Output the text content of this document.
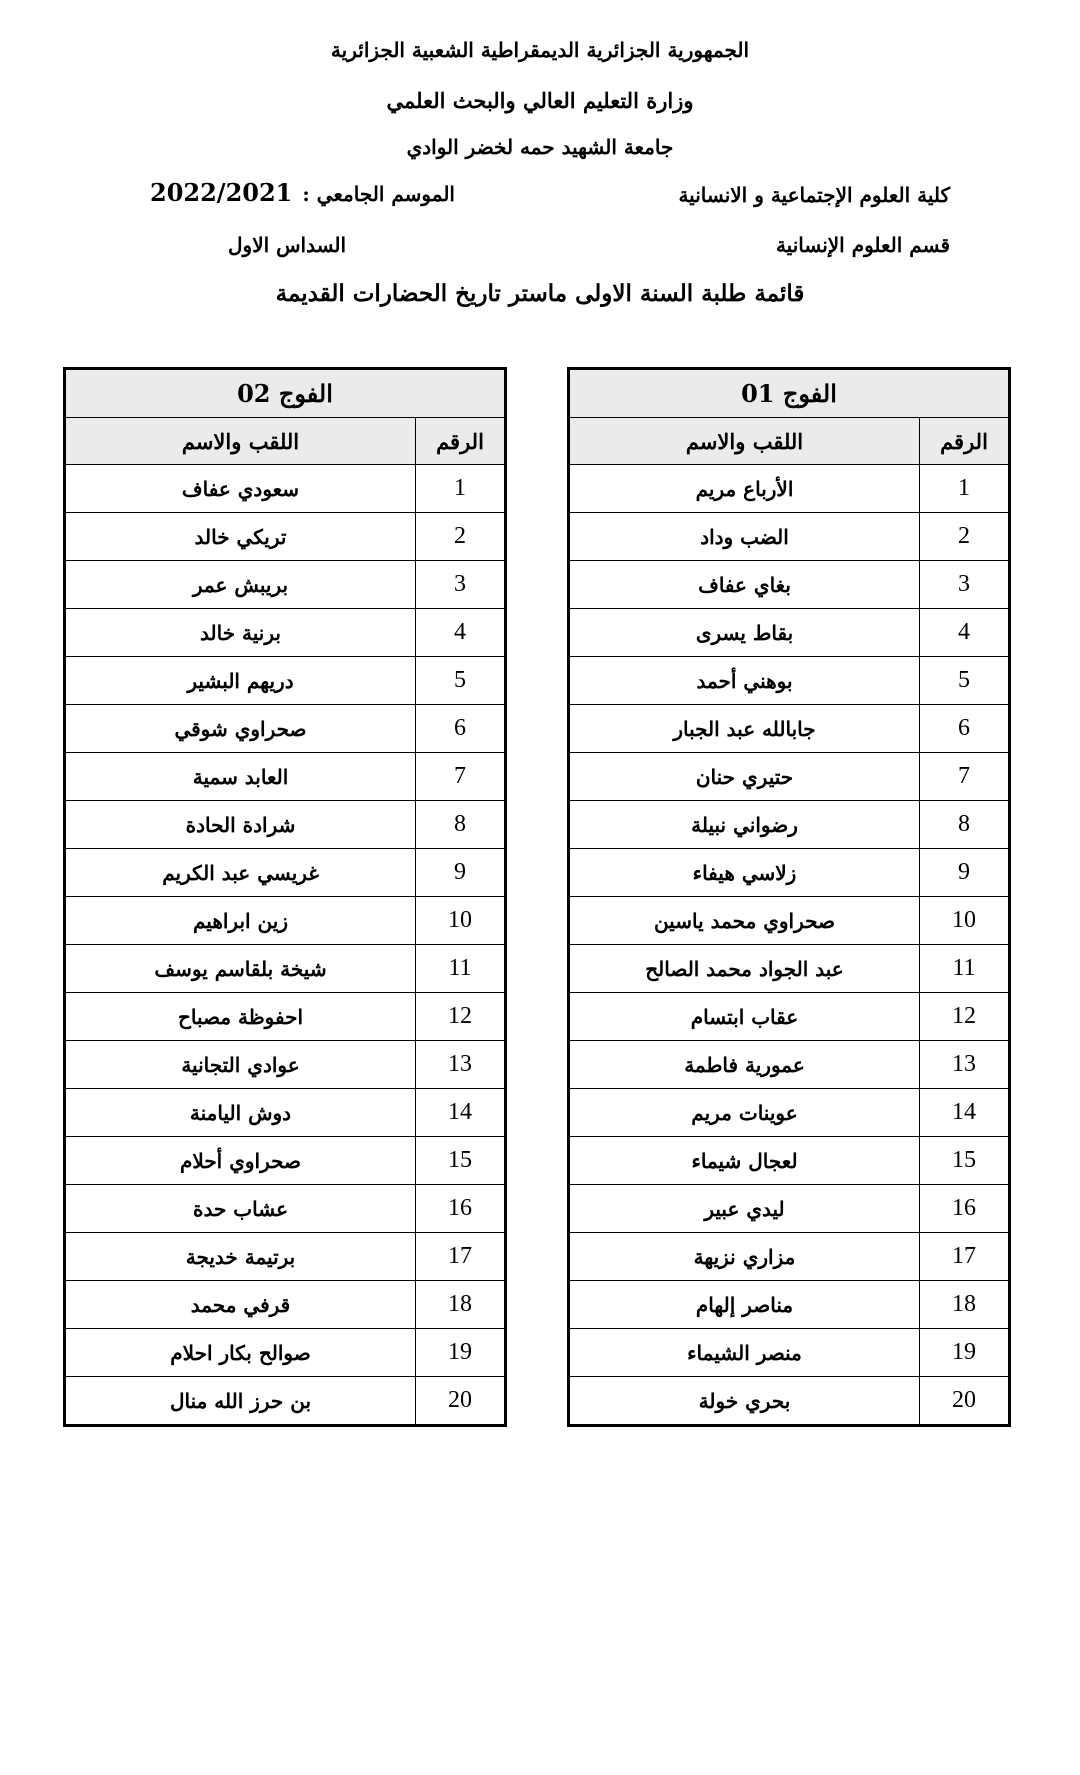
الجمهورية الجزائرية الديمقراطية الشعبية الجزائرية
وزارة التعليم العالي والبحث العلمي
جامعة الشهيد حمه لخضر الوادي
كلية العلوم الإجتماعية و الانسانية
الموسم الجامعي :2022/2021
قسم العلوم الإنسانية
السداس الاول
قائمة طلبة السنة الاولى ماستر تاريخ الحضارات القديمة
الفوج 01	
الرقم	اللقب والاسم
1	الأرباع مريم
2	الضب وداد
3	بغاي عفاف
4	بقاط يسرى
5	بوهني أحمد
6	جابالله عبد الجبار
7	حتيري حنان
8	رضواني نبيلة
9	زلاسي هيفاء
10	صحراوي محمد ياسين
11	عبد الجواد محمد الصالح
12	عقاب ابتسام
13	عمورية فاطمة
14	عوينات مريم
15	لعجال شيماء
16	ليدي عبير
17	مزاري نزيهة
18	مناصر إلهام
19	منصر الشيماء
20	بحري خولة
الفوج 02	
الرقم	اللقب والاسم
1	سعودي عفاف
2	تريكي خالد
3	بريبش عمر
4	برنية خالد
5	دريهم البشير
6	صحراوي شوقي
7	العابد سمية
8	شرادة الحادة
9	غريسي عبد الكريم
10	زين ابراهيم
11	شيخة بلقاسم يوسف
12	احفوظة مصباح
13	عوادي التجانية
14	دوش اليامنة
15	صحراوي أحلام
16	عشاب حدة
17	برتيمة خديجة
18	قرفي محمد
19	صوالح بكار احلام
20	بن حرز الله منال
